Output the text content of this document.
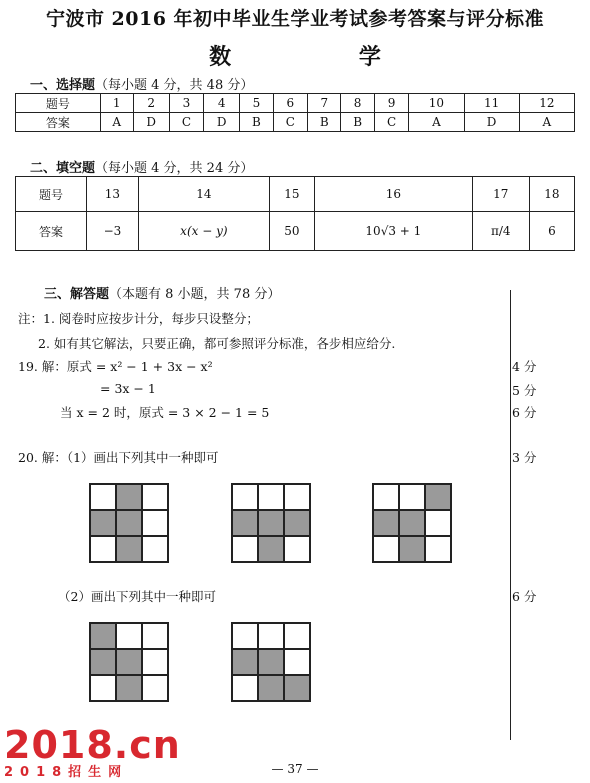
宁波市 2016 年初中毕业生学业考试参考答案与评分标准
数 学
一、选择题（每小题 4 分，共 48 分）
题号	1	2	3	4	5	6	7	8	9	10	11	12
答案	A	D	C	D	B	C	B	B	C	A	D	A
二、填空题（每小题 4 分，共 24 分）
题号	13	14	15	16	17	18
答案	−3	x(x − y)	50	10√3 + 1	π/4	6
三、解答题（本题有 8 小题，共 78 分）
注：1. 阅卷时应按步计分，每步只设整分；
2. 如有其它解法，只要正确，都可参照评分标准，各步相应给分.
19. 解：原式 = x² − 1 + 3x − x²	4 分
= 3x − 1	5 分
当 x = 2 时，原式 = 3 × 2 − 1 = 5	6 分
20. 解：（1）画出下列其中一种即可	3 分
（2）画出下列其中一种即可	6 分
2018.cn
2018招生网	— 37 —
